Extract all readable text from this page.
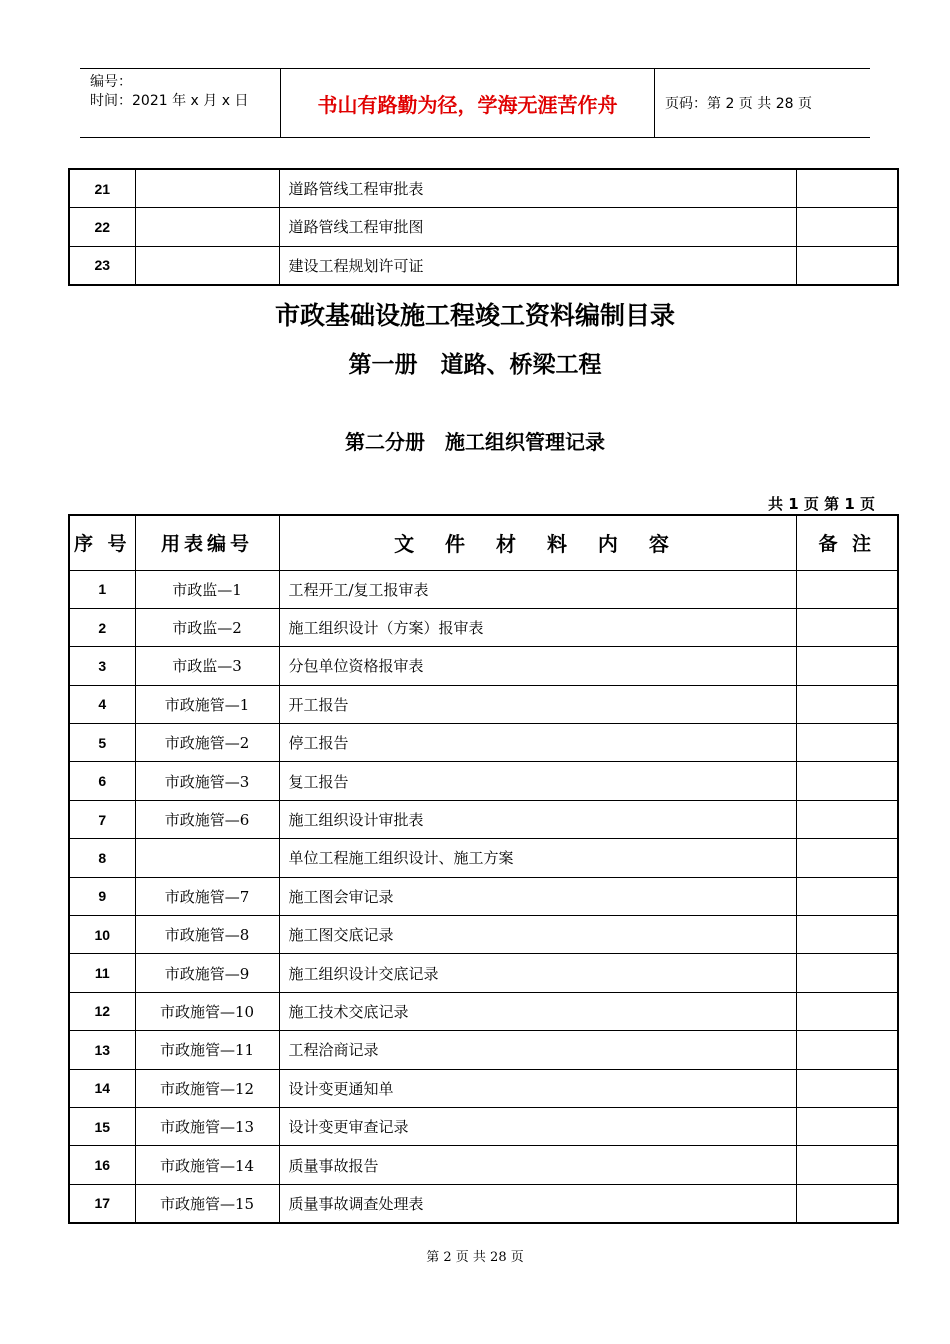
编号：
时间：2021 年 x 月 x 日	书山有路勤为径，学海无涯苦作舟	页码：第 2 页 共 28 页
21		道路管线工程审批表	
22		道路管线工程审批图	
23		建设工程规划许可证	
市政基础设施工程竣工资料编制目录
第一册　道路、桥梁工程
第二分册　施工组织管理记录
共 1 页 第 1 页
序 号	用表编号	文 件 材 料 内 容	备 注
1	市政监—1	工程开工/复工报审表	
2	市政监—2	施工组织设计（方案）报审表	
3	市政监—3	分包单位资格报审表	
4	市政施管—1	开工报告	
5	市政施管—2	停工报告	
6	市政施管—3	复工报告	
7	市政施管—6	施工组织设计审批表	
8		单位工程施工组织设计、施工方案	
9	市政施管—7	施工图会审记录	
10	市政施管—8	施工图交底记录	
11	市政施管—9	施工组织设计交底记录	
12	市政施管—10	施工技术交底记录	
13	市政施管—11	工程洽商记录	
14	市政施管—12	设计变更通知单	
15	市政施管—13	设计变更审查记录	
16	市政施管—14	质量事故报告	
17	市政施管—15	质量事故调查处理表	
第 2 页 共 28 页
